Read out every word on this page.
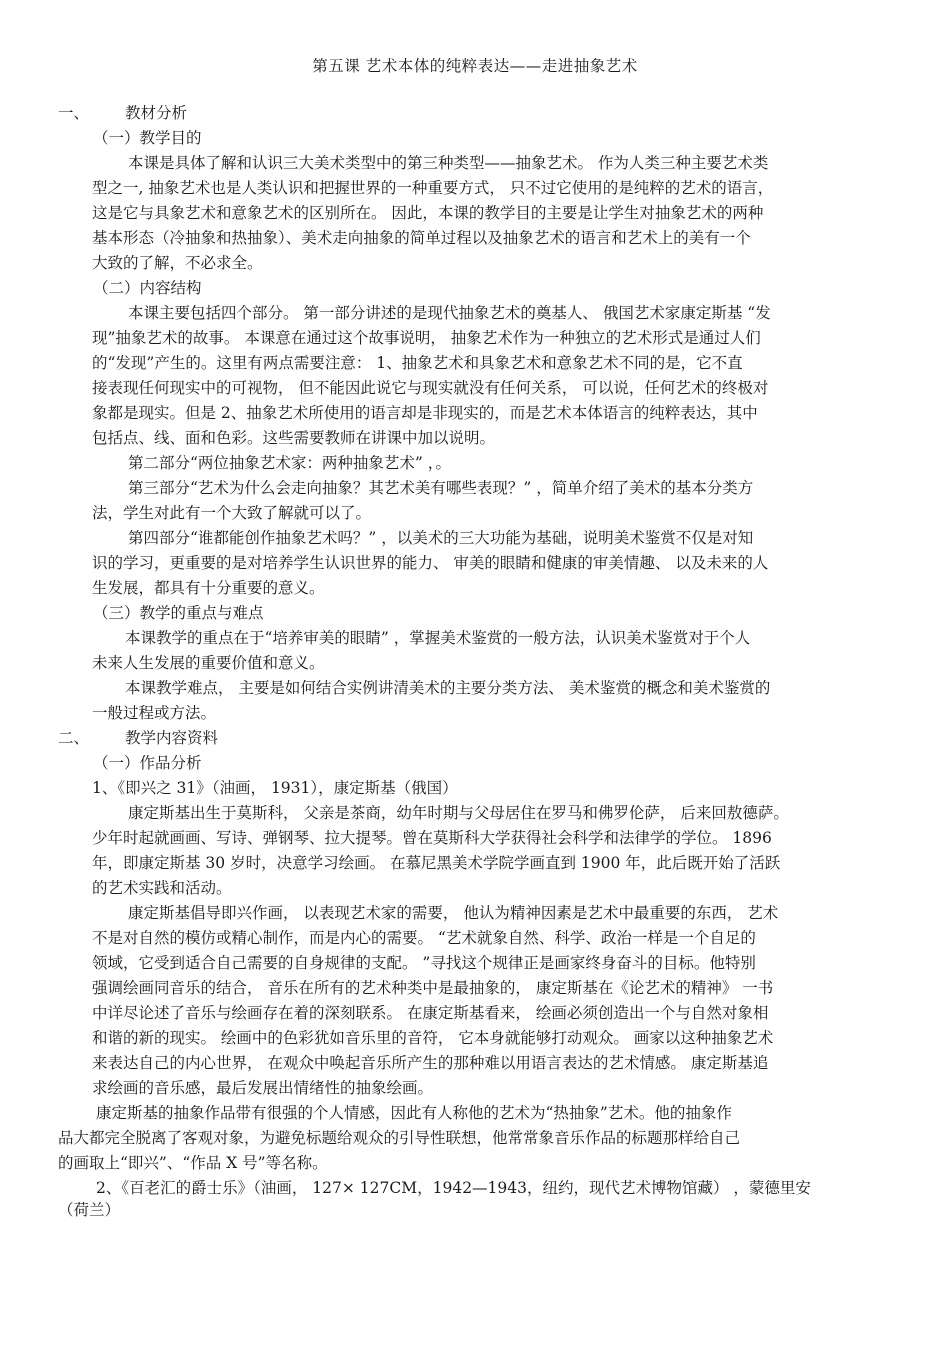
第五课 艺术本体的纯粹表达——走进抽象艺术
一、 教材分析
（一）教学目的
本课是具体了解和认识三大美术类型中的第三种类型——抽象艺术。 作为人类三种主要艺术类
型之一, 抽象艺术也是人类认识和把握世界的一种重要方式， 只不过它使用的是纯粹的艺术的语言，
这是它与具象艺术和意象艺术的区别所在。 因此，本课的教学目的主要是让学生对抽象艺术的两种
基本形态（冷抽象和热抽象）、美术走向抽象的简单过程以及抽象艺术的语言和艺术上的美有一个
大致的了解，不必求全。
（二）内容结构
本课主要包括四个部分。 第一部分讲述的是现代抽象艺术的奠基人、 俄国艺术家康定斯基 “发
现”抽象艺术的故事。 本课意在通过这个故事说明， 抽象艺术作为一种独立的艺术形式是通过人们
的“发现”产生的。这里有两点需要注意： 1、抽象艺术和具象艺术和意象艺术不同的是，它不直
接表现任何现实中的可视物， 但不能因此说它与现实就没有任何关系， 可以说，任何艺术的终极对
象都是现实。但是 2、抽象艺术所使用的语言却是非现实的，而是艺术本体语言的纯粹表达，其中
包括点、线、面和色彩。这些需要教师在讲课中加以说明。
第二部分“两位抽象艺术家：两种抽象艺术” ，。
第三部分“艺术为什么会走向抽象？其艺术美有哪些表现？” ，简单介绍了美术的基本分类方
法，学生对此有一个大致了解就可以了。
第四部分“谁都能创作抽象艺术吗？” ，以美术的三大功能为基础，说明美术鉴赏不仅是对知
识的学习，更重要的是对培养学生认识世界的能力、 审美的眼睛和健康的审美情趣、 以及未来的人
生发展，都具有十分重要的意义。
（三）教学的重点与难点
本课教学的重点在于“培养审美的眼睛” ，掌握美术鉴赏的一般方法，认识美术鉴赏对于个人
未来人生发展的重要价值和意义。
本课教学难点， 主要是如何结合实例讲清美术的主要分类方法、 美术鉴赏的概念和美术鉴赏的
一般过程或方法。
二、 教学内容资料
（一）作品分析
1、《即兴之 31》（油画， 1931），康定斯基（俄国）
康定斯基出生于莫斯科， 父亲是茶商，幼年时期与父母居住在罗马和佛罗伦萨， 后来回敖德萨。
少年时起就画画、写诗、弹钢琴、拉大提琴。曾在莫斯科大学获得社会科学和法律学的学位。 1896
年，即康定斯基 30 岁时，决意学习绘画。 在慕尼黑美术学院学画直到 1900 年，此后既开始了活跃
的艺术实践和活动。
康定斯基倡导即兴作画， 以表现艺术家的需要， 他认为精神因素是艺术中最重要的东西， 艺术
不是对自然的模仿或精心制作，而是内心的需要。 “艺术就象自然、科学、政治一样是一个自足的
领域，它受到适合自己需要的自身规律的支配。 ”寻找这个规律正是画家终身奋斗的目标。他特别
强调绘画同音乐的结合， 音乐在所有的艺术种类中是最抽象的， 康定斯基在《论艺术的精神》 一书
中详尽论述了音乐与绘画存在着的深刻联系。 在康定斯基看来， 绘画必须创造出一个与自然对象相
和谐的新的现实。 绘画中的色彩犹如音乐里的音符， 它本身就能够打动观众。 画家以这种抽象艺术
来表达自己的内心世界， 在观众中唤起音乐所产生的那种难以用语言表达的艺术情感。 康定斯基追
求绘画的音乐感，最后发展出情绪性的抽象绘画。
康定斯基的抽象作品带有很强的个人情感，因此有人称他的艺术为“热抽象”艺术。他的抽象作
品大都完全脱离了客观对象，为避免标题给观众的引导性联想，他常常象音乐作品的标题那样给自己
的画取上“即兴”、“作品 X 号”等名称。
2、《百老汇的爵士乐》（油画， 127× 127CM，1942—1943，纽约，现代艺术博物馆藏） ，蒙德里安
（荷兰）
